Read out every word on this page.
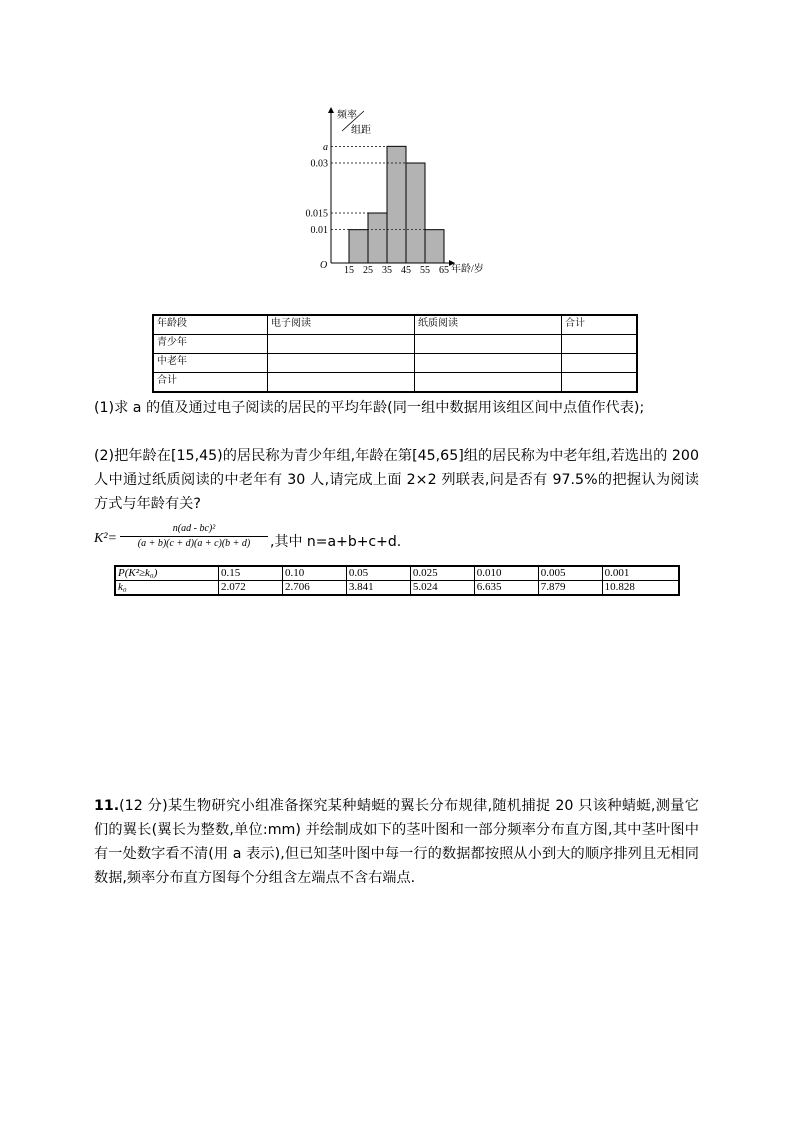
频率
组距
O 15 25 35 45 55 65
0.01
0.015
0.03
a
年龄/岁
年龄段	电子阅读	纸质阅读	合计
青少年			
中老年			
合计			
(1)求 a 的值及通过电子阅读的居民的平均年龄(同一组中数据用该组区间中点值作代表);
(2)把年龄在[15,45)的居民称为青少年组,年龄在第[45,65]组的居民称为中老年组,若选出的 200 人中通过纸质阅读的中老年有 30 人,请完成上面 2×2 列联表,问是否有 97.5%的把握认为阅读方式与年龄有关?
$K^2= \frac{\text{n(ad - bc)²}}{(a + b)(c + d)(a + c)(b + d)}$ ,其中 n=a+b+c+d.
P(K²≥k₀)	0.15	0.10	0.05	0.025	0.010	0.005	0.001
k₀	2.072	2.706	3.841	5.024	6.635	7.879	10.828
11.(12 分)某生物研究小组准备探究某种蜻蜓的翼长分布规律,随机捕捉 20 只该种蜻蜓,测量它们的翼长(翼长为整数,单位:mm) 并绘制成如下的茎叶图和一部分频率分布直方图,其中茎叶图中有一处数字看不清(用 a 表示),但已知茎叶图中每一行的数据都按照从小到大的顺序排列且无相同数据,频率分布直方图每个分组含左端点不含右端点.
